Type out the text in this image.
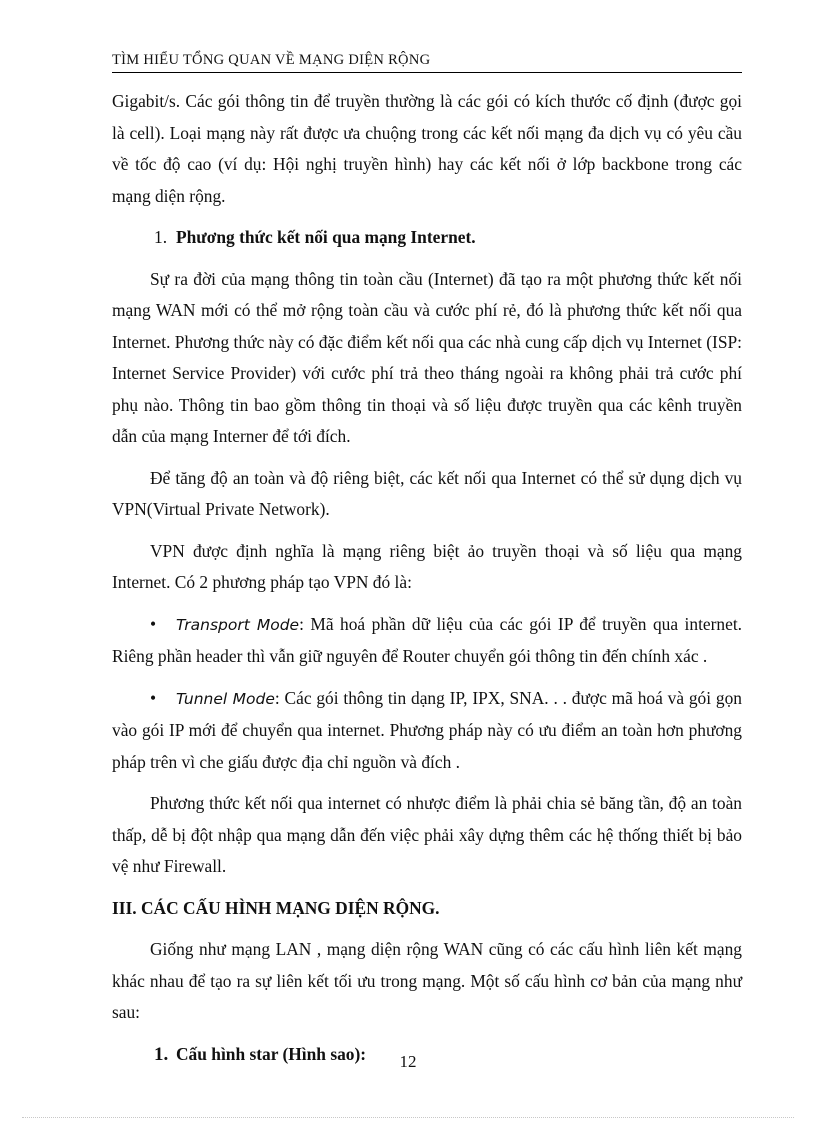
TÌM HIỂU TỔNG QUAN VỀ MẠNG DIỆN RỘNG

Gigabit/s. Các gói thông tin để truyền thường là các gói có kích thước cố định (được gọi là cell). Loại mạng này rất được ưa chuộng trong các kết nối mạng đa dịch vụ có yêu cầu về tốc độ cao (ví dụ: Hội nghị truyền hình) hay các kết nối ở lớp backbone trong các mạng diện rộng.

1. Phương thức kết nối qua mạng Internet.

Sự ra đời của mạng thông tin toàn cầu (Internet) đã tạo ra một phương thức kết nối mạng WAN mới có thể mở rộng toàn cầu và cước phí rẻ, đó là phương thức kết nối qua Internet. Phương thức này có đặc điểm kết nối qua các nhà cung cấp dịch vụ Internet (ISP: Internet Service Provider) với cước phí trả theo tháng ngoài ra không phải trả cước phí phụ nào. Thông tin bao gồm thông tin thoại và số liệu được truyền qua các kênh truyền dẫn của mạng Interner để tới đích.

Để tăng độ an toàn và độ riêng biệt, các kết nối qua Internet có thể sử dụng dịch vụ VPN(Virtual Private Network).

VPN được định nghĩa là mạng riêng biệt ảo truyền thoại và số liệu qua mạng Internet. Có 2 phương pháp tạo VPN đó là:

• Transport Mode: Mã hoá phần dữ liệu của các gói IP để truyền qua internet. Riêng phần header thì vẫn giữ nguyên để Router chuyển gói thông tin đến chính xác .

• Tunnel Mode: Các gói thông tin dạng IP, IPX, SNA. . . được mã hoá và gói gọn vào gói IP mới để chuyển qua internet. Phương pháp này có ưu điểm an toàn hơn phương pháp trên vì che giấu được địa chỉ nguồn và đích .

Phương thức kết nối qua internet có nhược điểm là phải chia sẻ băng tần, độ an toàn thấp, dễ bị đột nhập qua mạng dẫn đến việc phải xây dựng thêm các hệ thống thiết bị bảo vệ như Firewall.

III. CÁC CẤU HÌNH MẠNG DIỆN RỘNG.

Giống như mạng LAN , mạng diện rộng WAN cũng có các cấu hình liên kết mạng khác nhau để tạo ra sự liên kết tối ưu trong mạng. Một số cấu hình cơ bản của mạng như sau:

1. Cấu hình star (Hình sao):	12
